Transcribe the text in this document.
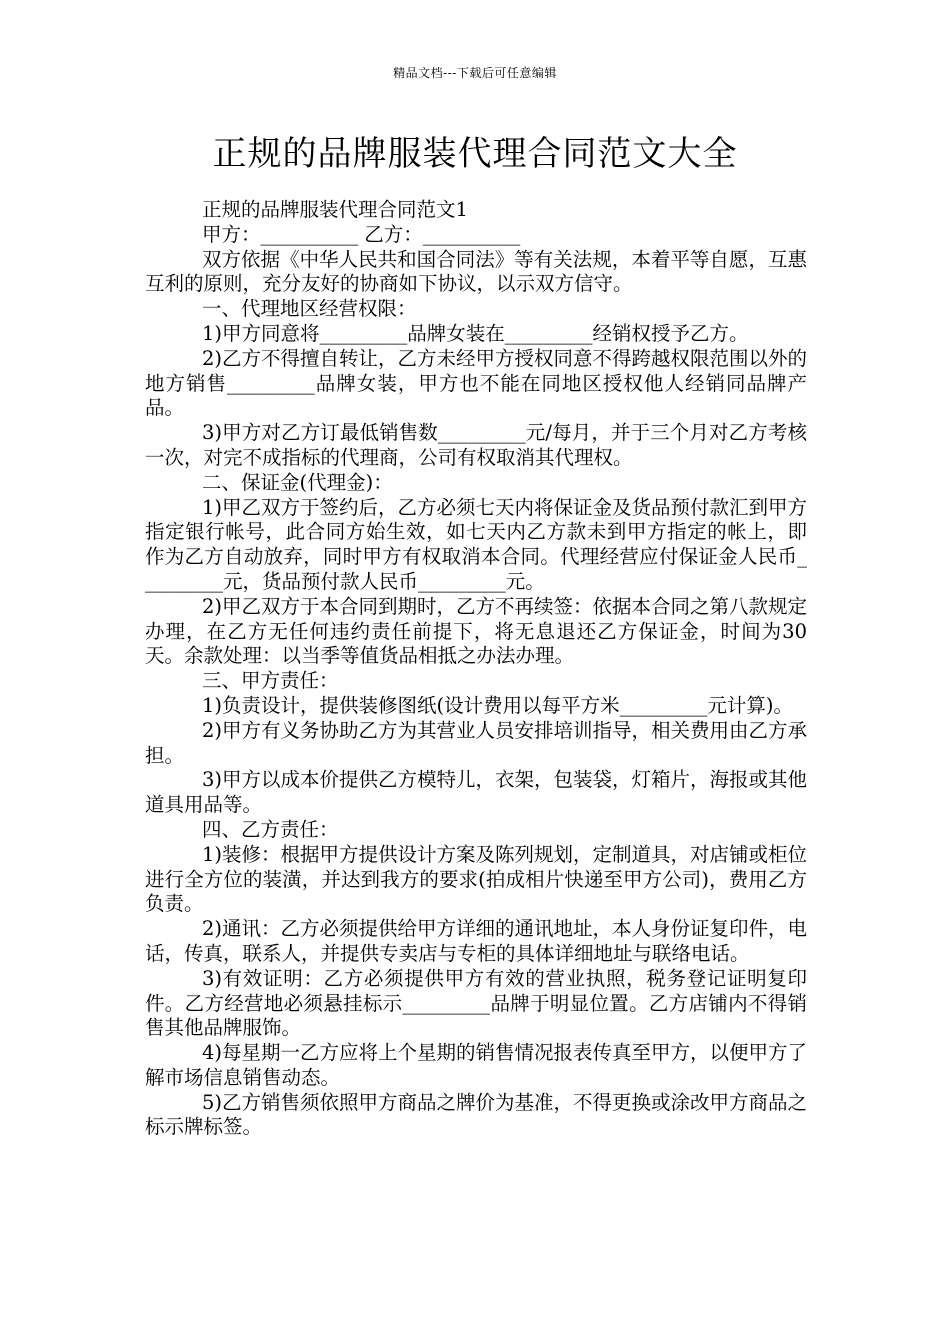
精品文档---下载后可任意编辑
正规的品牌服装代理合同范文大全

正规的品牌服装代理合同范文1

甲方：__________ 乙方：__________

双方依据《中华人民共和国合同法》等有关法规，本着平等自愿，互惠互利的原则，充分友好的协商如下协议，以示双方信守。

一、代理地区经营权限：

1)甲方同意将_________品牌女装在_________经销权授予乙方。

2)乙方不得擅自转让，乙方未经甲方授权同意不得跨越权限范围以外的地方销售_________品牌女装，甲方也不能在同地区授权他人经销同品牌产品。

3)甲方对乙方订最低销售数_________元/每月，并于三个月对乙方考核一次，对完不成指标的代理商，公司有权取消其代理权。

二、保证金(代理金)：

1)甲乙双方于签约后，乙方必须七天内将保证金及货品预付款汇到甲方指定银行帐号，此合同方始生效，如七天内乙方款未到甲方指定的帐上，即作为乙方自动放弃，同时甲方有权取消本合同。代理经营应付保证金人民币_________元，货品预付款人民币_________元。

2)甲乙双方于本合同到期时，乙方不再续签：依据本合同之第八款规定办理，在乙方无任何违约责任前提下，将无息退还乙方保证金，时间为30天。余款处理：以当季等值货品相抵之办法办理。

三、甲方责任：

1)负责设计，提供装修图纸(设计费用以每平方米_________元计算)。

2)甲方有义务协助乙方为其营业人员安排培训指导，相关费用由乙方承担。

3)甲方以成本价提供乙方模特儿，衣架，包装袋，灯箱片，海报或其他道具用品等。

四、乙方责任：

1)装修：根据甲方提供设计方案及陈列规划，定制道具，对店铺或柜位进行全方位的装潢，并达到我方的要求(拍成相片快递至甲方公司)，费用乙方负责。

2)通讯：乙方必须提供给甲方详细的通讯地址，本人身份证复印件，电话，传真，联系人，并提供专卖店与专柜的具体详细地址与联络电话。

3)有效证明：乙方必须提供甲方有效的营业执照，税务登记证明复印件。乙方经营地必须悬挂标示_________品牌于明显位置。乙方店铺内不得销售其他品牌服饰。

4)每星期一乙方应将上个星期的销售情况报表传真至甲方，以便甲方了解市场信息销售动态。

5)乙方销售须依照甲方商品之牌价为基准，不得更换或涂改甲方商品之标示牌标签。
